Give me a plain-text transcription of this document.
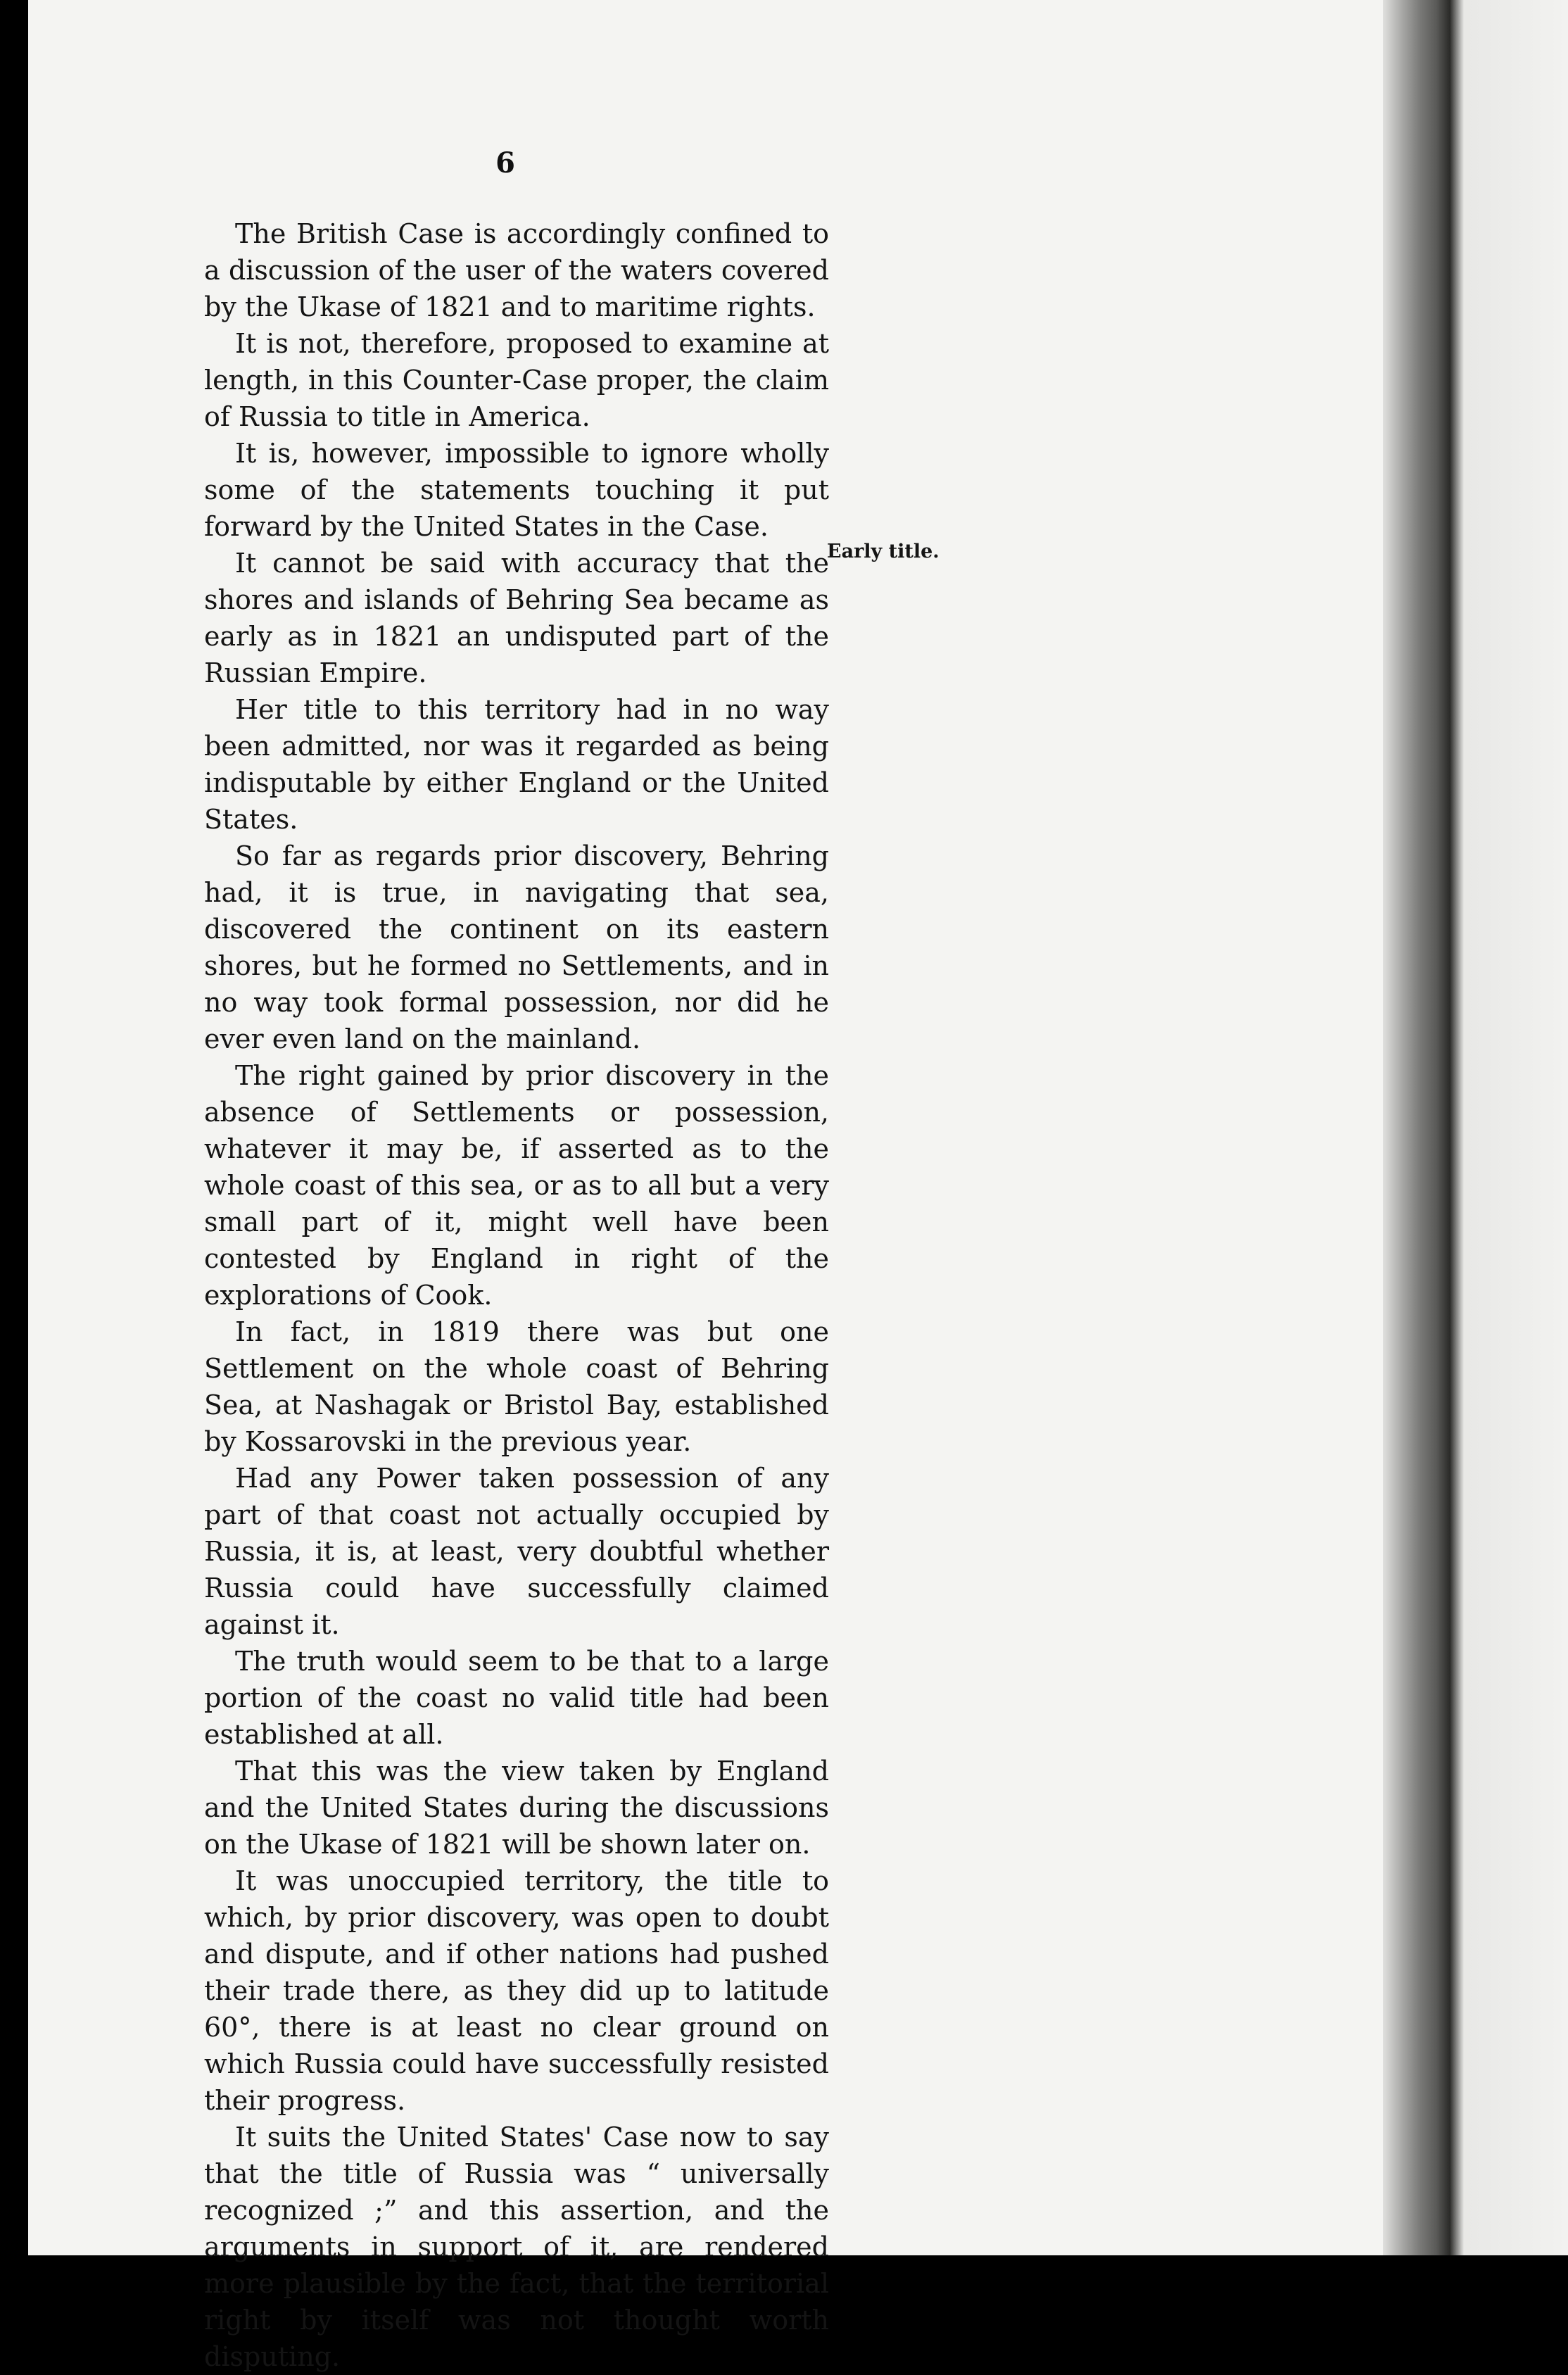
6
Early title.

The British Case is accordingly confined to a discussion of the user of the waters covered by the Ukase of 1821 and to maritime rights.

It is not, therefore, proposed to examine at length, in this Counter-Case proper, the claim of Russia to title in America.

It is, however, impossible to ignore wholly some of the statements touching it put forward by the United States in the Case.

It cannot be said with accuracy that the shores and islands of Behring Sea became as early as in 1821 an undisputed part of the Russian Empire.

Her title to this territory had in no way been admitted, nor was it regarded as being indisputable by either England or the United States.

So far as regards prior discovery, Behring had, it is true, in navigating that sea, discovered the continent on its eastern shores, but he formed no Settlements, and in no way took formal possession, nor did he ever even land on the mainland.

The right gained by prior discovery in the absence of Settlements or possession, whatever it may be, if asserted as to the whole coast of this sea, or as to all but a very small part of it, might well have been contested by England in right of the explorations of Cook.

In fact, in 1819 there was but one Settlement on the whole coast of Behring Sea, at Nashagak or Bristol Bay, established by Kossarovski in the previous year.

Had any Power taken possession of any part of that coast not actually occupied by Russia, it is, at least, very doubtful whether Russia could have successfully claimed against it.

The truth would seem to be that to a large portion of the coast no valid title had been established at all.

That this was the view taken by England and the United States during the discussions on the Ukase of 1821 will be shown later on.

It was unoccupied territory, the title to which, by prior discovery, was open to doubt and dispute, and if other nations had pushed their trade there, as they did up to latitude 60°, there is at least no clear ground on which Russia could have successfully resisted their progress.

It suits the United States' Case now to say that the title of Russia was “ universally recognized ;” and this assertion, and the arguments in support of it, are rendered more plausible by the fact, that the territorial right by itself was not thought worth disputing.
